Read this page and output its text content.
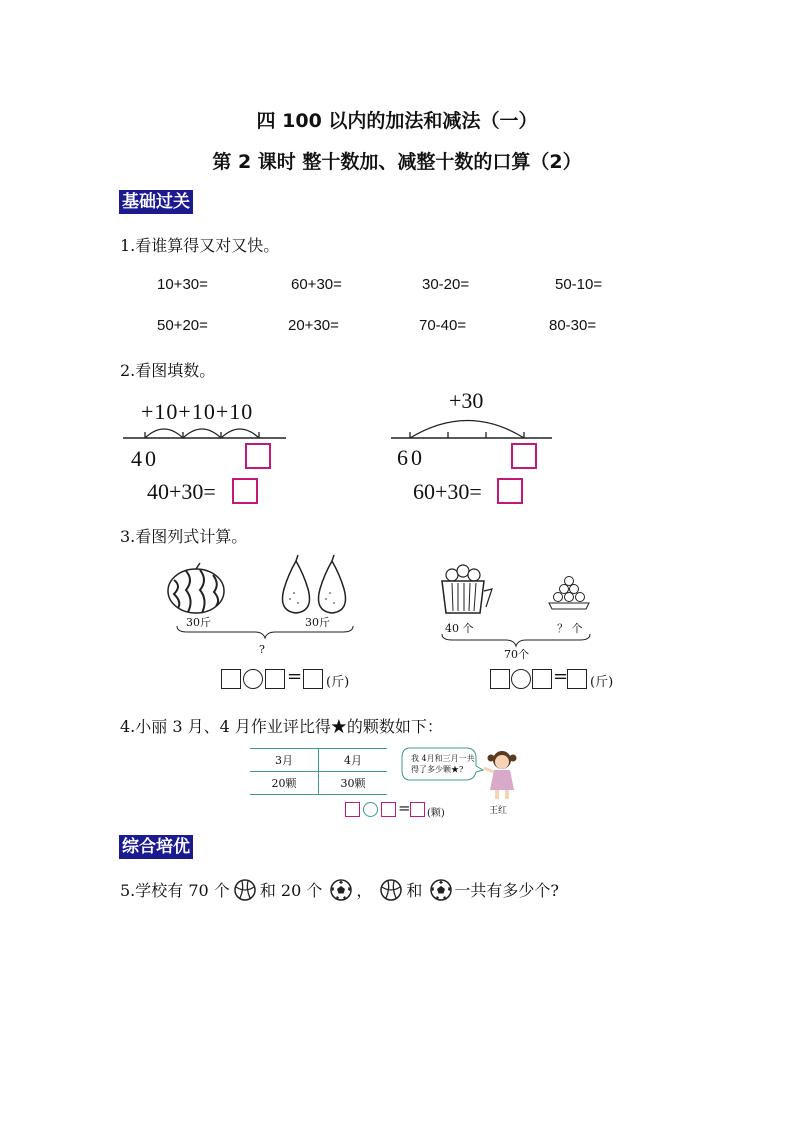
四 100 以内的加法和减法（一）
第 2 课时 整十数加、减整十数的口算（2）
基础过关
1.看谁算得又对又快。
10+30=	60+30=	30-20=	50-10=
50+20=	20+30=	70-40=	80-30=
2.看图填数。
+10+10+10
40
40+30=
+30
60
60+30=
3.看图列式计算。
30斤	30斤
?
= (斤)
40 个	？ 个
70个
= (斤)
4.小丽 3 月、4 月作业评比得★的颗数如下：
3月	4月
20颗	30颗
我 4月和三月一共得了多少颗★?
王红
= (颗)
综合培优
5.学校有 70 个 和 20 个 ， 和 一共有多少个?
